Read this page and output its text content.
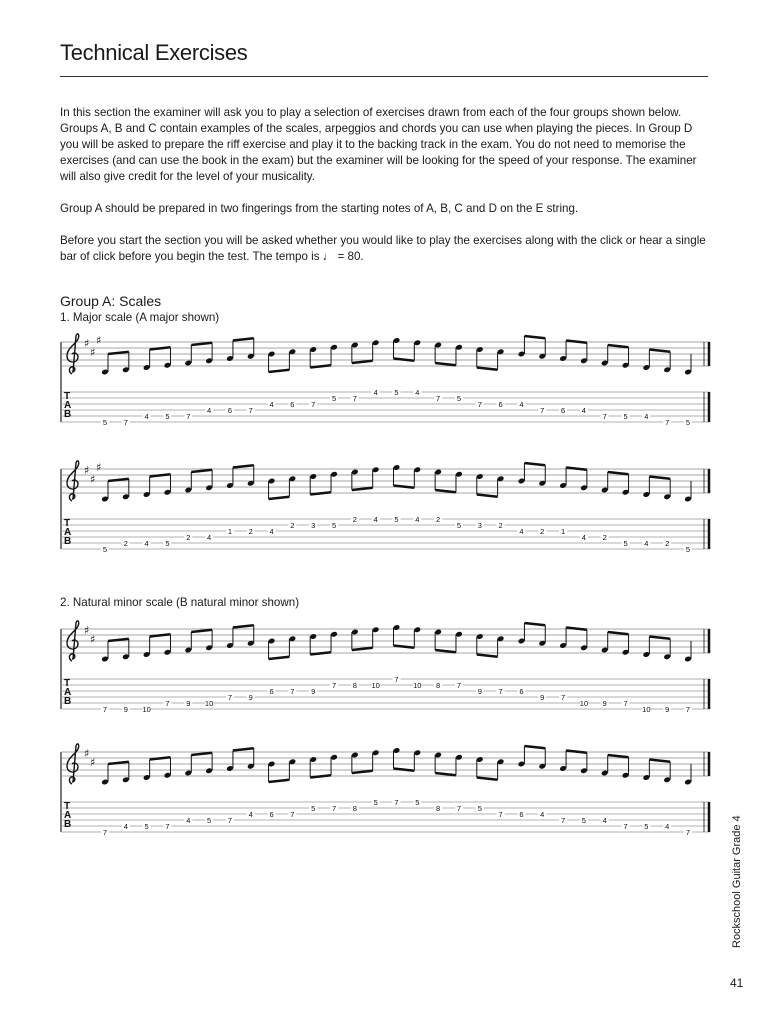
Technical Exercises
In this section the examiner will ask you to play a selection of exercises drawn from each of the four groups shown below. Groups A, B and C contain examples of the scales, arpeggios and chords you can use when playing the pieces. In Group D you will be asked to prepare the riff exercise and play it to the backing track in the exam. You do not need to memorise the exercises (and can use the book in the exam) but the examiner will be looking for the speed of your response. The examiner will also give credit for the level of your musicality.
Group A should be prepared in two fingerings from the starting notes of A, B, C and D on the E string.
Before you start the section you will be asked whether you would like to play the exercises along with the click or hear a single bar of click before you begin the test. The tempo is ♩ = 80.
Group A: Scales
1. Major scale (A major shown)
2. Natural minor scale (B natural minor shown)
♯
♯
♯
T
A
B
5 7
4 5 7
4 6 7
4 6 7
5 7
4 5 4
7 5
7 6 4
7 6 4
7 5 4
7 5
♯
♯
♯
T
A
B
5
2 4 5
2 4
1 2 4
2 3 5
2 4 5 4 2
5 3 2
4 2 1
4 2
5 4 2
5
♯
♯
T
A
B
7 9 10
7 9 10
7 9
6 7 9
7 8 10
7
10 8 7
9 7 6
9 7
10 9 7
10 9 7
♯
♯
T
A
B
7
4 5 7
4 5 7
4 6 7
5 7 8
5 7 5
8 7 5
7 6 4
7 5 4
7 5 4
7	Rockschool Guitar Grade 4
41
